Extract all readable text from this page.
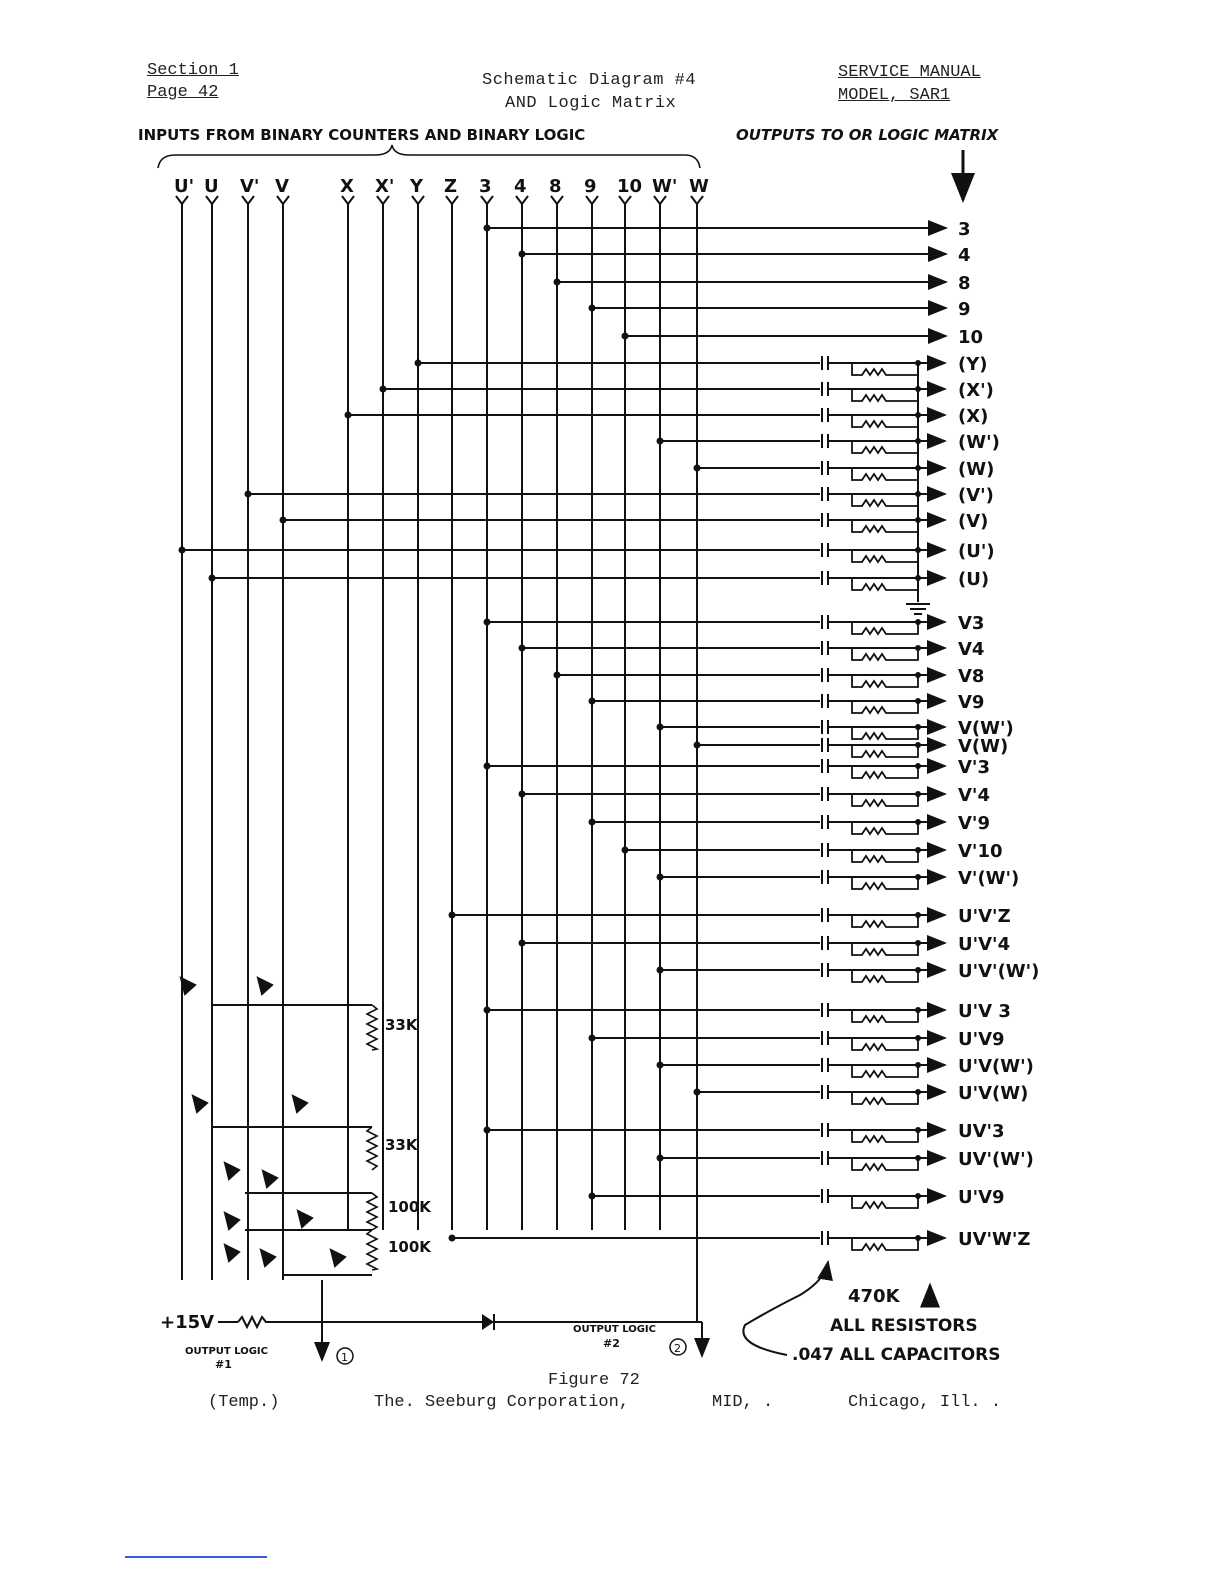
Section 1
Page 42
Schematic Diagram #4
AND Logic Matrix
SERVICE MANUAL
MODEL, SAR1
INPUTS FROM BINARY COUNTERS AND BINARY LOGIC	OUTPUTS TO OR LOGIC MATRIX
U' U V' V	X X' Y Z 3 4 8 9 10 W' W
3
4
8
9
10
(Y)
(X')
(X)
(W')
(W)
(V')
(V)
(U')
(U)
V3
V4
V8
V9
V(W')
V(W)
V'3
V'4
V'9
V'10
V'(W')
U'V'Z
U'V'4
U'V'(W')
U'V 3
U'V9
U'V(W')
U'V(W)
UV'3
UV'(W')
U'V9
UV'W'Z
33K
33K
100K
100K
+15V
OUTPUT LOGIC
#1
OUTPUT LOGIC
#2
1
2
470K
ALL RESISTORS
.047 ALL CAPACITORS
Figure 72
(Temp.)	The. Seeburg Corporation,	MID, .	Chicago, Ill. .
